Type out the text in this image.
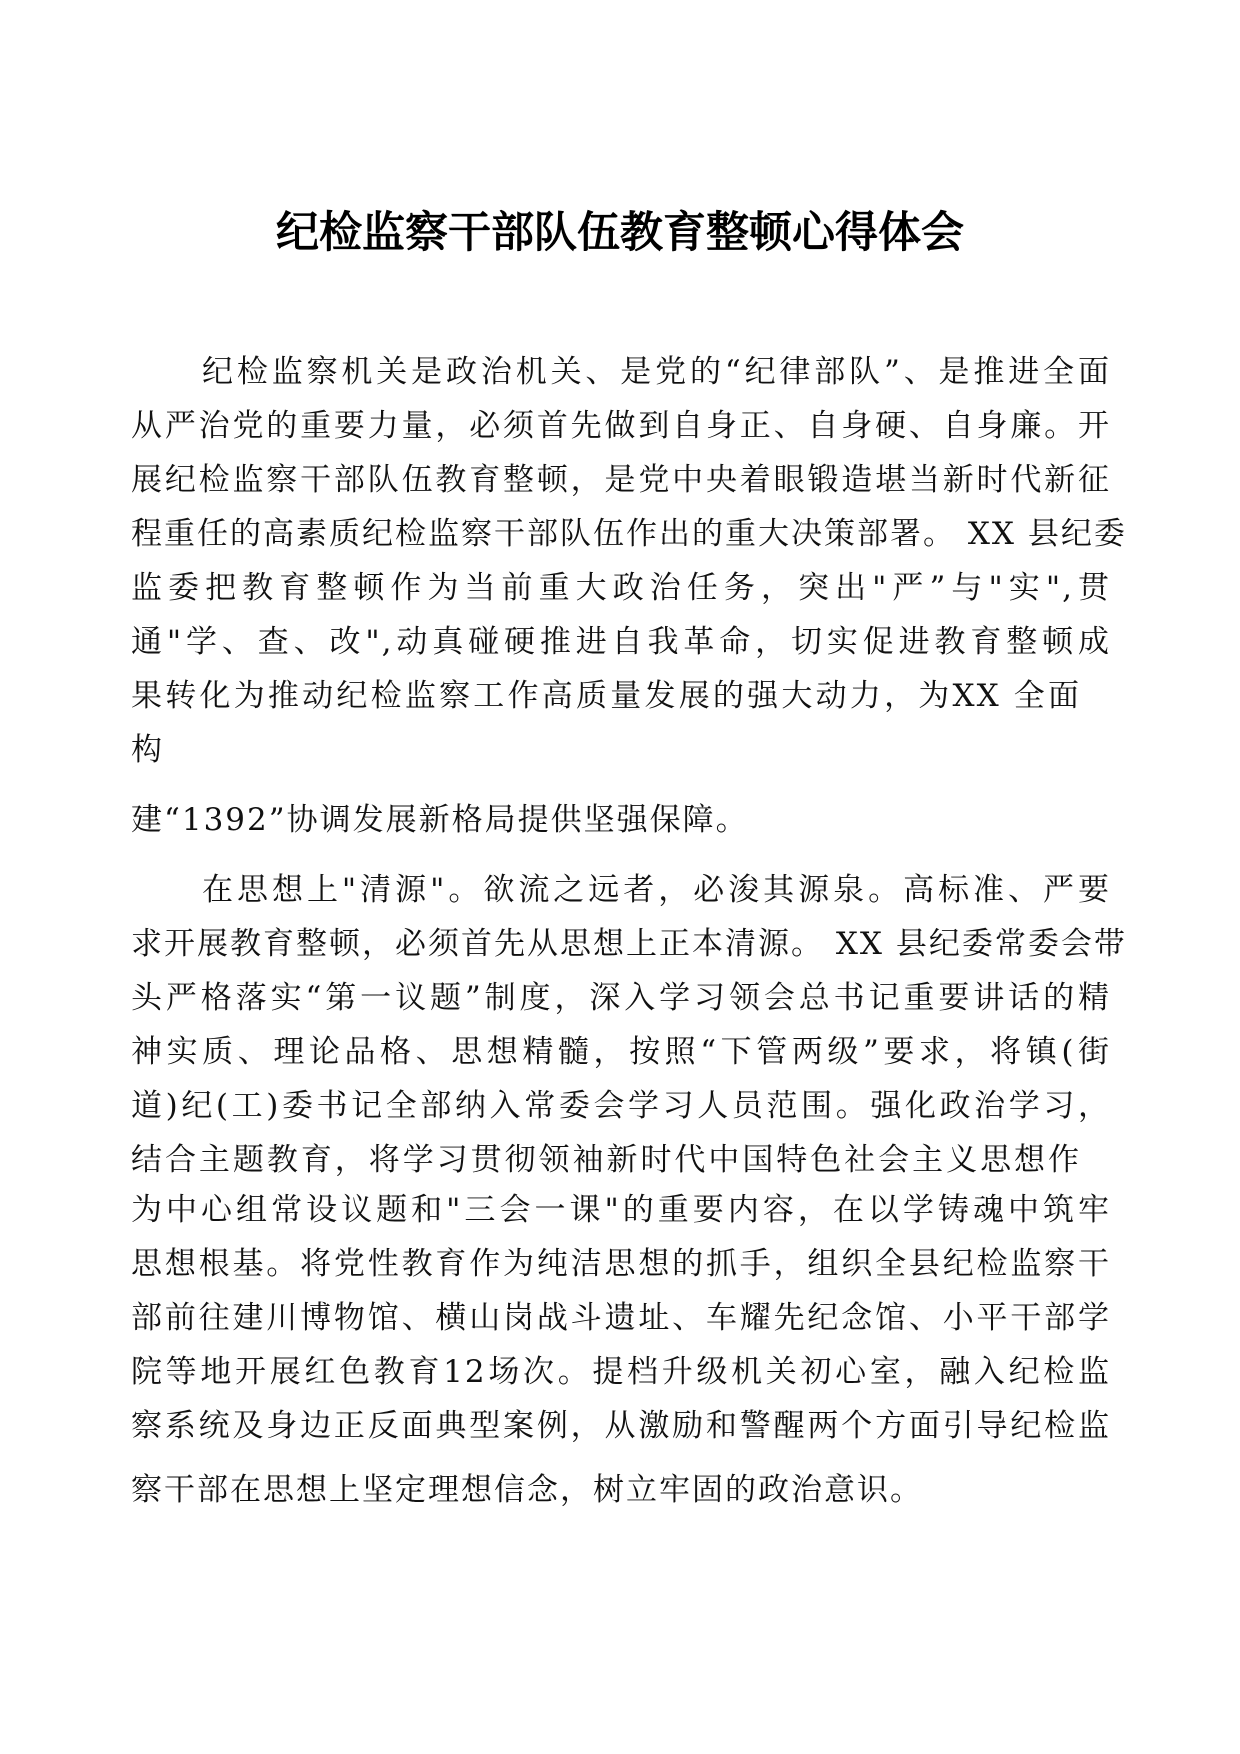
纪检监察干部队伍教育整顿心得体会
纪检监察机关是政治机关、是党的“纪律部队”、是推进全面
从严治党的重要力量，必须首先做到自身正、自身硬、自身廉。开
展纪检监察干部队伍教育整顿，是党中央着眼锻造堪当新时代新征
程重任的高素质纪检监察干部队伍作出的重大决策部署。 XX 县纪委
监委把教育整顿作为当前重大政治任务，突出"严”与"实",贯
通"学、查、改",动真碰硬推进自我革命，切实促进教育整顿成
果转化为推动纪检监察工作高质量发展的强大动力，为XX 全面
构
建“1392”协调发展新格局提供坚强保障。
在思想上"清源"。欲流之远者，必浚其源泉。高标准、严要
求开展教育整顿，必须首先从思想上正本清源。 XX 县纪委常委会带
头严格落实“第一议题”制度，深入学习领会总书记重要讲话的精
神实质、理论品格、思想精髓，按照“下管两级”要求，将镇(街
道)纪(工)委书记全部纳入常委会学习人员范围。强化政治学习，
结合主题教育，将学习贯彻领袖新时代中国特色社会主义思想作
为中心组常设议题和"三会一课"的重要内容，在以学铸魂中筑牢
思想根基。将党性教育作为纯洁思想的抓手，组织全县纪检监察干
部前往建川博物馆、横山岗战斗遗址、车耀先纪念馆、小平干部学
院等地开展红色教育12场次。提档升级机关初心室，融入纪检监
察系统及身边正反面典型案例，从激励和警醒两个方面引导纪检监
察干部在思想上坚定理想信念，树立牢固的政治意识。
